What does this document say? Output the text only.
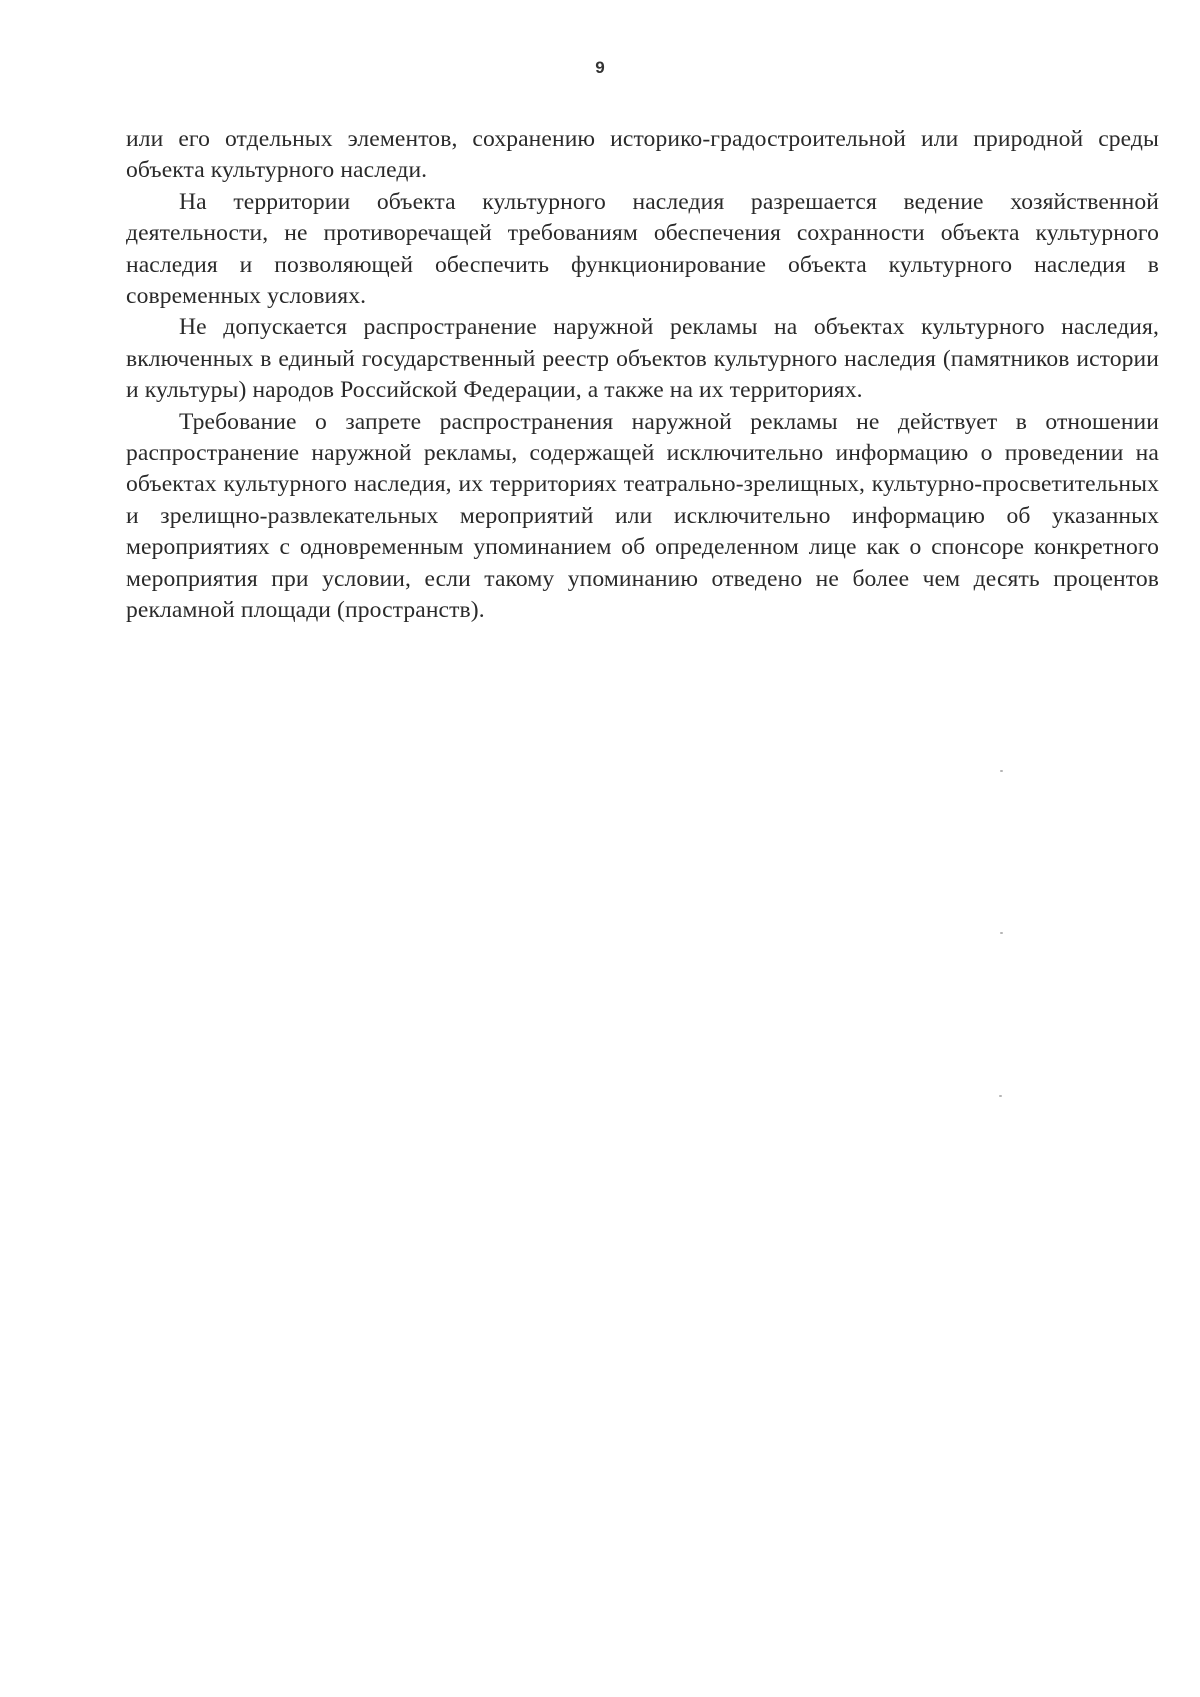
9

или его отдельных элементов, сохранению историко-градостроительной или природной среды объекта культурного наследи.

На территории объекта культурного наследия разрешается ведение хозяйственной деятельности, не противоречащей требованиям обеспечения сохранности объекта культурного наследия и позволяющей обеспечить функционирование объекта культурного наследия в современных условиях.

Не допускается распространение наружной рекламы на объектах культурного наследия, включенных в единый государственный реестр объектов культурного наследия (памятников истории и культуры) народов Российской Федерации, а также на их территориях.

Требование о запрете распространения наружной рекламы не действует в отношении распространение наружной рекламы, содержащей исключительно информацию о проведении на объектах культурного наследия, их территориях театрально-зрелищных, культурно-просветительных и зрелищно-развлекательных мероприятий или исключительно информацию об указанных мероприятиях с одновременным упоминанием об определенном лице как о спонсоре конкретного мероприятия при условии, если такому упоминанию отведено не более чем десять процентов рекламной площади (пространств).
